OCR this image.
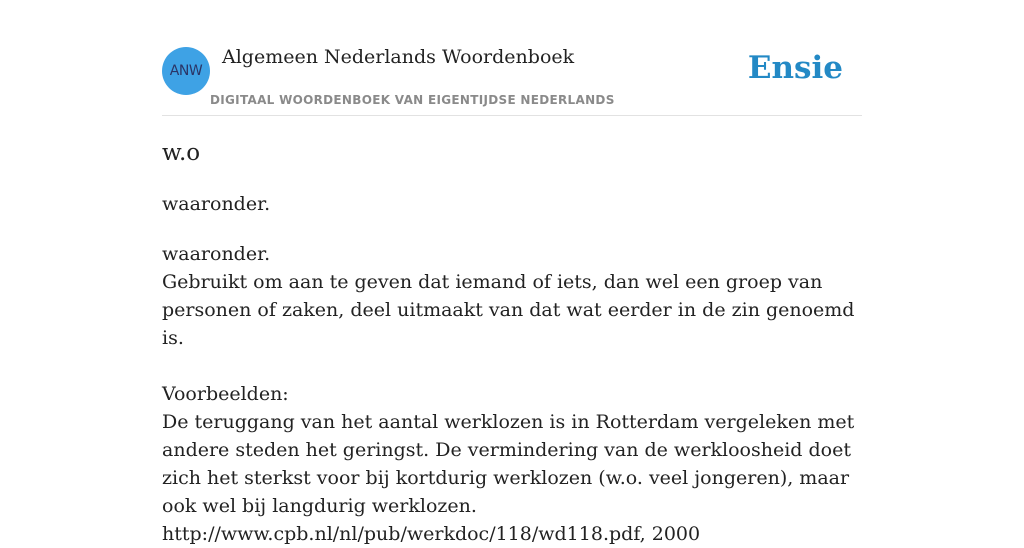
ANW
Algemeen Nederlands Woordenboek
DIGITAAL WOORDENBOEK VAN EIGENTIJDSE NEDERLANDS
Ensie
w.o
waaronder.

waaronder.

Gebruikt om aan te geven dat iemand of iets, dan wel een groep van personen of zaken, deel uitmaakt van dat wat eerder in de zin genoemd is.

Voorbeelden:

De teruggang van het aantal werklozen is in Rotterdam vergeleken met andere steden het geringst. De vermindering van de werkloosheid doet zich het sterkst voor bij kortdurig werklozen (w.o. veel jongeren), maar ook wel bij langdurig werklozen.

http://www.cpb.nl/nl/pub/werkdoc/118/wd118.pdf, 2000
